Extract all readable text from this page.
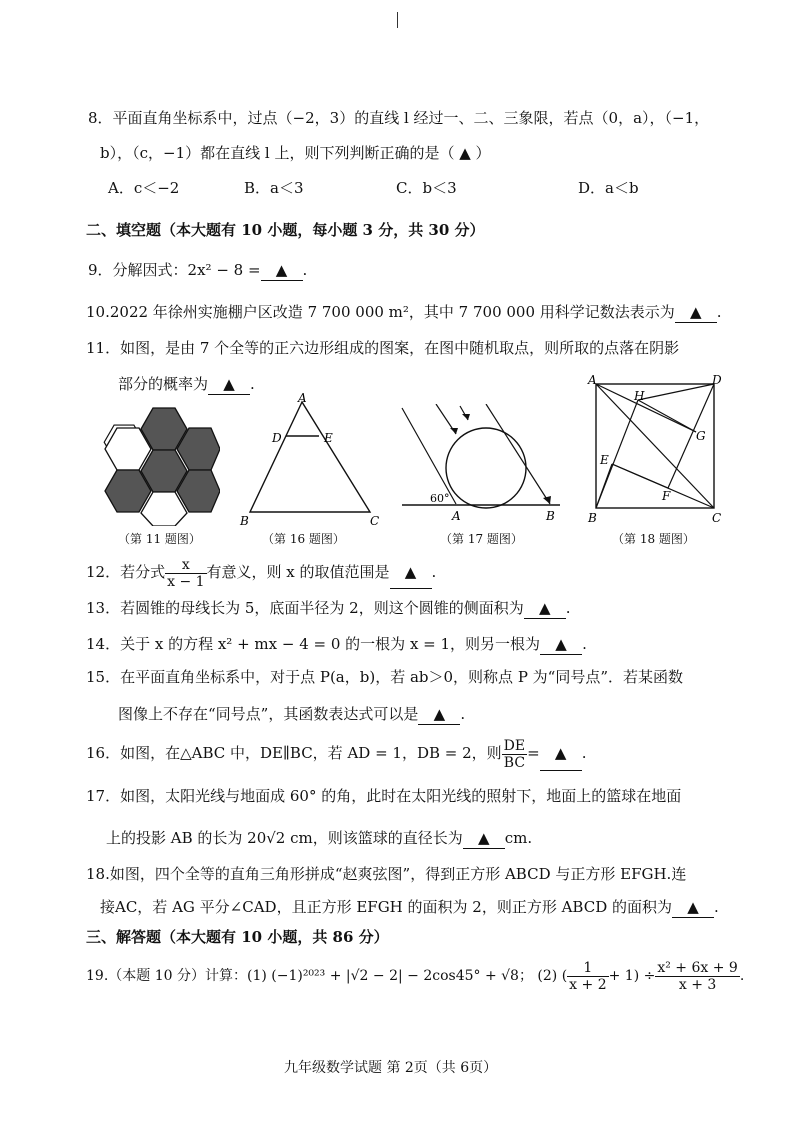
8．平面直角坐标系中，过点（−2，3）的直线 l 经过一、二、三象限，若点（0，a），（−1，
b），（c，−1）都在直线 l 上，则下列判断正确的是（ ▲ ）
A．c＜−2	B．a＜3	C．b＜3	D．a＜b
二、填空题（本大题有 10 小题，每小题 3 分，共 30 分）
9．分解因式：2x² − 8 = ▲ .
10.2022 年徐州实施棚户区改造 7 700 000 m²，其中 7 700 000 用科学记数法表示为 ▲ .
11．如图，是由 7 个全等的正六边形组成的图案，在图中随机取点，则所取的点落在阴影
部分的概率为 ▲ .
（第 11 题图）
A
D	E
B	C
（第 16 题图）
60°
A	B
（第 17 题图）
A	D
H
G
E
F
B	C
（第 18 题图）
12．若分式 $\frac{x}{x - 1}$ 有意义，则 x 的取值范围是 ▲ .
13．若圆锥的母线长为 5，底面半径为 2，则这个圆锥的侧面积为 ▲ .
14．关于 x 的方程 x² + mx − 4 = 0 的一根为 x = 1，则另一根为 ▲ .
15．在平面直角坐标系中，对于点 P(a，b)，若 ab＞0，则称点 P 为“同号点”．若某函数
图像上不存在“同号点”，其函数表达式可以是 ▲ .
16．如图，在△ABC 中，DE∥BC，若 AD = 1，DB = 2，则 $\frac{DE}{BC}$ = ▲ .
17．如图，太阳光线与地面成 60° 的角，此时在太阳光线的照射下，地面上的篮球在地面
上的投影 AB 的长为 20√2 cm，则该篮球的直径长为 ▲ cm.
18.如图，四个全等的直角三角形拼成“赵爽弦图”，得到正方形 ABCD 与正方形 EFGH.连
接AC，若 AG 平分∠CAD，且正方形 EFGH 的面积为 2，则正方形 ABCD 的面积为 ▲ .
三、解答题（本大题有 10 小题，共 86 分）
19.（本题 10 分）计算：(1) (−1)²⁰²³ + |√2 − 2| − 2cos45° + √8； (2) ( $\frac{1}{x + 2} + 1) \div \frac{\text{x² + 6x + 9}}{x + 3}$ .
九年级数学试题 第 2页（共 6页）
